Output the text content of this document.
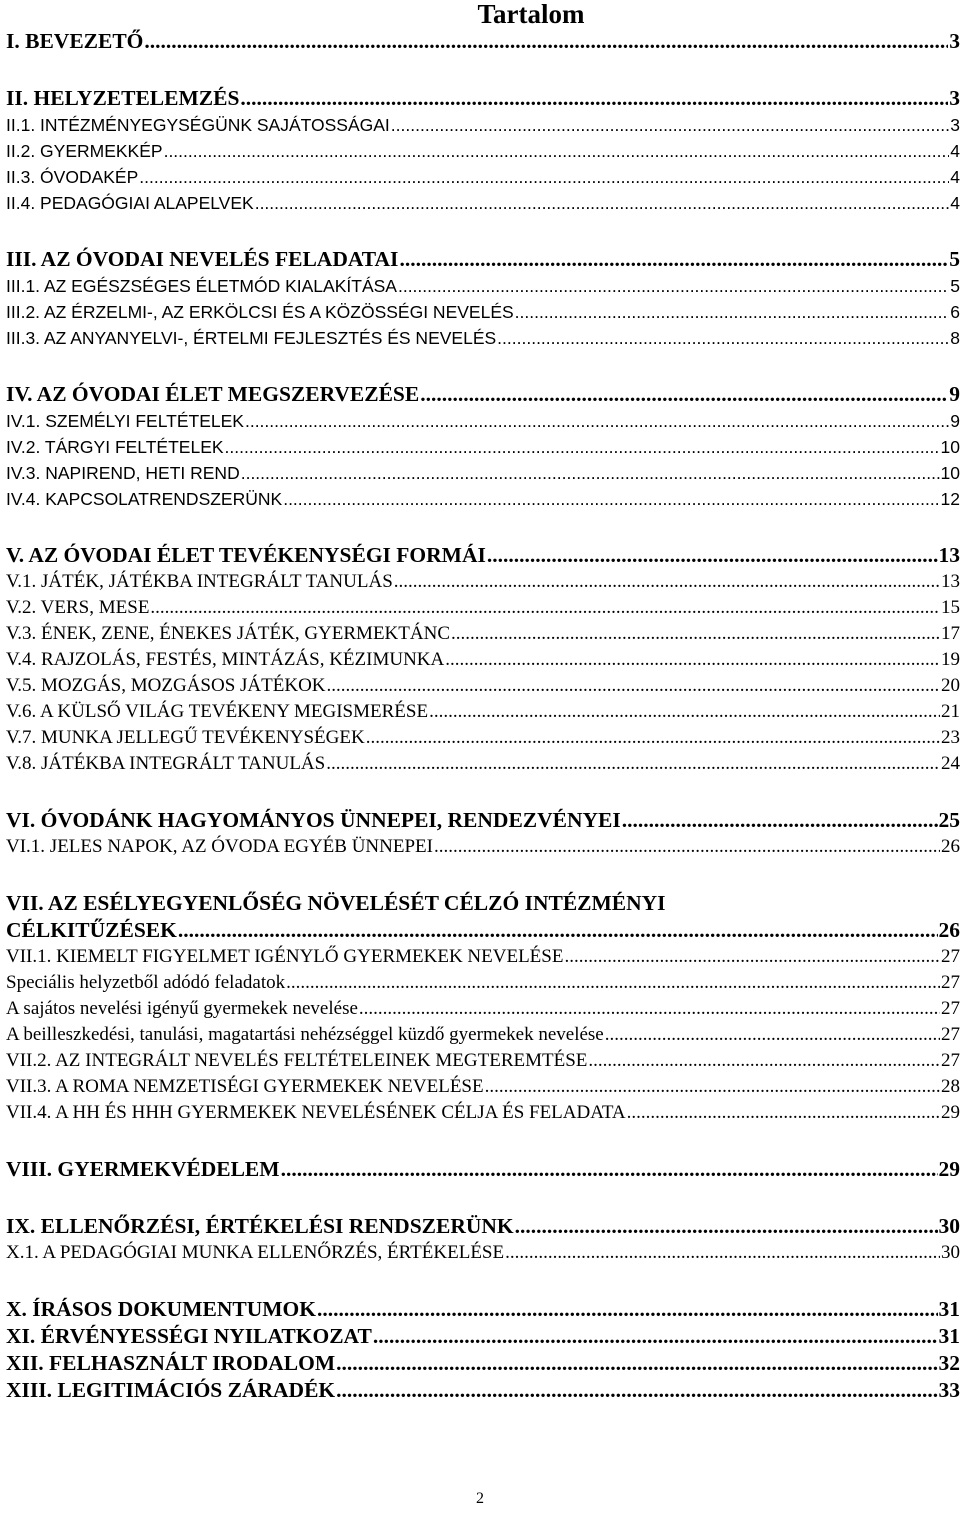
Tartalom
I. BEVEZETŐ .....	3
II. HELYZETELEMZÉS .....	3
II.1. INTÉZMÉNYEGYSÉGÜNK SAJÁTOSSÁGAI .....	3
II.2. GYERMEKKÉP .....	4
II.3. ÓVODAKÉP .....	4
II.4. PEDAGÓGIAI ALAPELVEK .....	4
III. AZ ÓVODAI NEVELÉS FELADATAI .....	5
III.1. AZ EGÉSZSÉGES ÉLETMÓD KIALAKÍTÁSA .....	5
III.2. AZ ÉRZELMI-, AZ ERKÖLCSI ÉS A KÖZÖSSÉGI NEVELÉS .....	6
III.3. AZ ANYANYELVI-, ÉRTELMI FEJLESZTÉS ÉS NEVELÉS .....	8
IV. AZ ÓVODAI ÉLET MEGSZERVEZÉSE .....	9
IV.1. SZEMÉLYI FELTÉTELEK .....	9
IV.2. TÁRGYI FELTÉTELEK .....	10
IV.3. NAPIREND, HETI REND .....	10
IV.4. KAPCSOLATRENDSZERÜNK .....	12
V. AZ ÓVODAI ÉLET TEVÉKENYSÉGI FORMÁI .....	13
V.1. JÁTÉK, JÁTÉKBA INTEGRÁLT TANULÁS .....	13
V.2. VERS, MESE .....	15
V.3. ÉNEK, ZENE, ÉNEKES JÁTÉK, GYERMEKTÁNC .....	17
V.4. RAJZOLÁS, FESTÉS, MINTÁZÁS, KÉZIMUNKA .....	19
V.5. MOZGÁS, MOZGÁSOS JÁTÉKOK .....	20
V.6. A KÜLSŐ VILÁG TEVÉKENY MEGISMERÉSE .....	21
V.7. MUNKA JELLEGŰ TEVÉKENYSÉGEK .....	23
V.8. JÁTÉKBA INTEGRÁLT TANULÁS .....	24
VI. ÓVODÁNK HAGYOMÁNYOS ÜNNEPEI, RENDEZVÉNYEI .....	25
VI.1. JELES NAPOK, AZ ÓVODA EGYÉB ÜNNEPEI .....	26
VII. AZ ESÉLYEGYENLŐSÉG NÖVELÉSÉT CÉLZÓ INTÉZMÉNYI
CÉLKITŰZÉSEK .....	26
VII.1. KIEMELT FIGYELMET IGÉNYLŐ GYERMEKEK NEVELÉSE .....	27
Speciális helyzetből adódó feladatok .....	27
A sajátos nevelési igényű gyermekek nevelése .....	27
A beilleszkedési, tanulási, magatartási nehézséggel küzdő gyermekek nevelése .....	27
VII.2. AZ INTEGRÁLT NEVELÉS FELTÉTELEINEK MEGTEREMTÉSE .....	27
VII.3. A ROMA NEMZETISÉGI GYERMEKEK NEVELÉSE .....	28
VII.4. A HH ÉS HHH GYERMEKEK NEVELÉSÉNEK CÉLJA ÉS FELADATA .....	29
VIII. GYERMEKVÉDELEM .....	29
IX. ELLENŐRZÉSI, ÉRTÉKELÉSI RENDSZERÜNK .....	30
X.1. A PEDAGÓGIAI MUNKA ELLENŐRZÉS, ÉRTÉKELÉSE .....	30
X. ÍRÁSOS DOKUMENTUMOK .....	31
XI. ÉRVÉNYESSÉGI NYILATKOZAT .....	31
XII. FELHASZNÁLT IRODALOM .....	32
XIII. LEGITIMÁCIÓS ZÁRADÉK .....	33
2
